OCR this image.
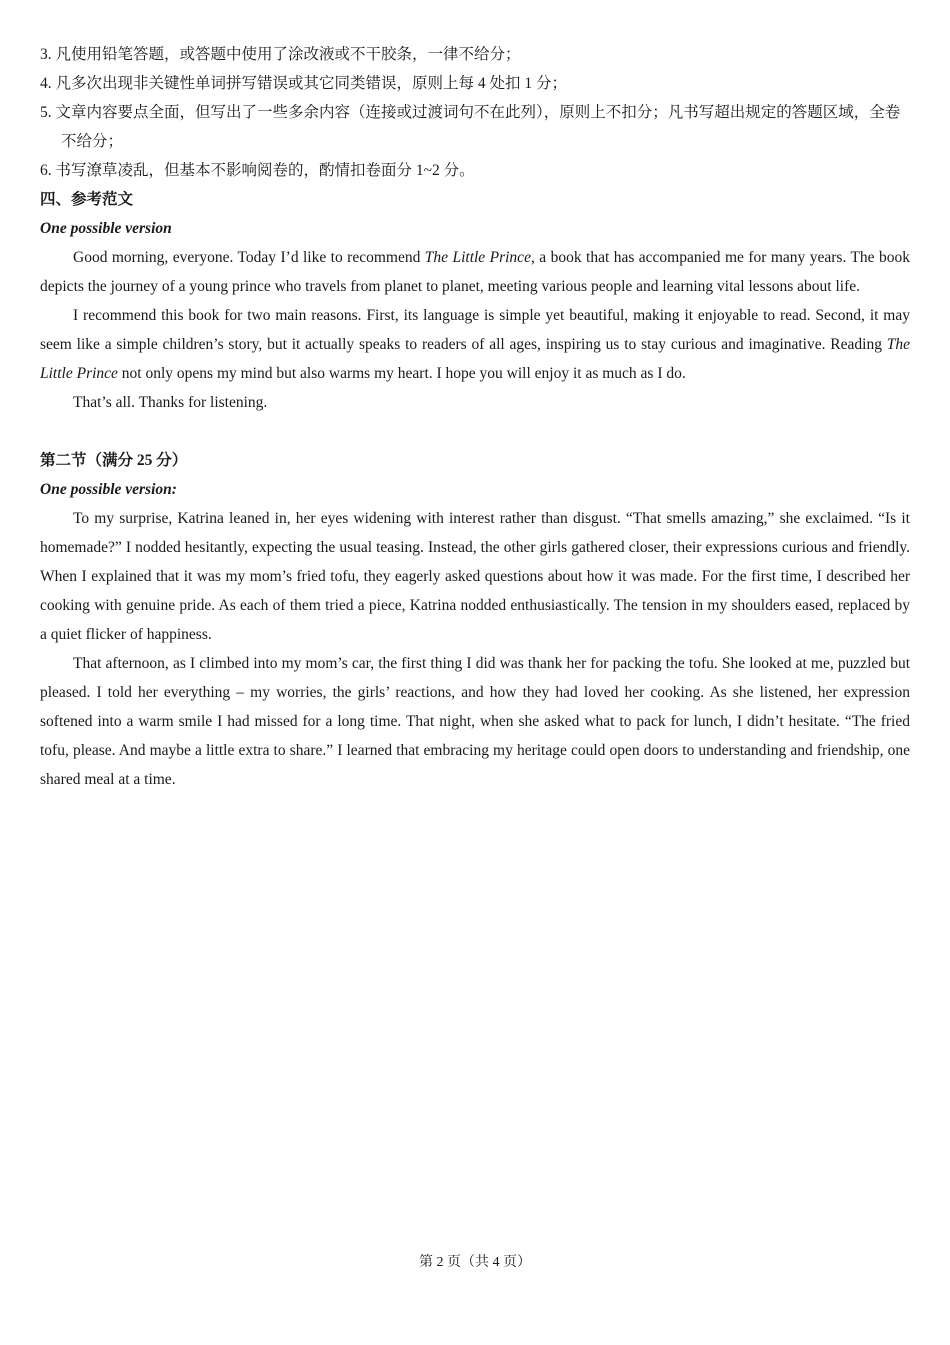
3. 凡使用铅笔答题，或答题中使用了涂改液或不干胶条，一律不给分；

4. 凡多次出现非关键性单词拼写错误或其它同类错误，原则上每 4 处扣 1 分；

5. 文章内容要点全面，但写出了一些多余内容（连接或过渡词句不在此列），原则上不扣分；凡书写超出规定的答题区域，全卷不给分；

6. 书写潦草凌乱，但基本不影响阅卷的，酌情扣卷面分 1~2 分。

四、参考范文

One possible version

Good morning, everyone. Today I’d like to recommend The Little Prince, a book that has accompanied me for many years. The book depicts the journey of a young prince who travels from planet to planet, meeting various people and learning vital lessons about life.

I recommend this book for two main reasons. First, its language is simple yet beautiful, making it enjoyable to read. Second, it may seem like a simple children’s story, but it actually speaks to readers of all ages, inspiring us to stay curious and imaginative. Reading The Little Prince not only opens my mind but also warms my heart. I hope you will enjoy it as much as I do.

That’s all. Thanks for listening.

第二节（满分 25 分）

One possible version:

To my surprise, Katrina leaned in, her eyes widening with interest rather than disgust. “That smells amazing,” she exclaimed. “Is it homemade?” I nodded hesitantly, expecting the usual teasing. Instead, the other girls gathered closer, their expressions curious and friendly. When I explained that it was my mom’s fried tofu, they eagerly asked questions about how it was made. For the first time, I described her cooking with genuine pride. As each of them tried a piece, Katrina nodded enthusiastically. The tension in my shoulders eased, replaced by a quiet flicker of happiness.

That afternoon, as I climbed into my mom’s car, the first thing I did was thank her for packing the tofu. She looked at me, puzzled but pleased. I told her everything – my worries, the girls’ reactions, and how they had loved her cooking. As she listened, her expression softened into a warm smile I had missed for a long time. That night, when she asked what to pack for lunch, I didn’t hesitate. “The fried tofu, please. And maybe a little extra to share.” I learned that embracing my heritage could open doors to understanding and friendship, one shared meal at a time.

第 2 页（共 4 页）
